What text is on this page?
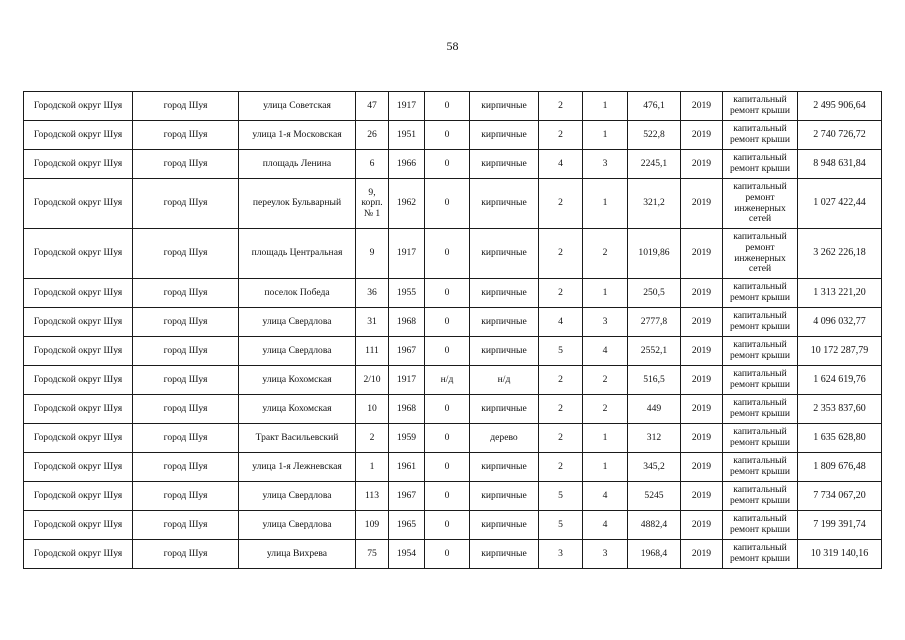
58
Городской округ Шуя	город Шуя	улица Советская	47	1917	0	кирпичные	2	1	476,1	2019	капитальный ремонт крыши	2 495 906,64
Городской округ Шуя	город Шуя	улица 1-я Московская	26	1951	0	кирпичные	2	1	522,8	2019	капитальный ремонт крыши	2 740 726,72
Городской округ Шуя	город Шуя	площадь Ленина	6	1966	0	кирпичные	4	3	2245,1	2019	капитальный ремонт крыши	8 948 631,84
Городской округ Шуя	город Шуя	переулок Бульварный	9, корп. № 1	1962	0	кирпичные	2	1	321,2	2019	капитальный ремонт инженерных сетей	1 027 422,44
Городской округ Шуя	город Шуя	площадь Центральная	9	1917	0	кирпичные	2	2	1019,86	2019	капитальный ремонт инженерных сетей	3 262 226,18
Городской округ Шуя	город Шуя	поселок Победа	36	1955	0	кирпичные	2	1	250,5	2019	капитальный ремонт крыши	1 313 221,20
Городской округ Шуя	город Шуя	улица Свердлова	31	1968	0	кирпичные	4	3	2777,8	2019	капитальный ремонт крыши	4 096 032,77
Городской округ Шуя	город Шуя	улица Свердлова	111	1967	0	кирпичные	5	4	2552,1	2019	капитальный ремонт крыши	10 172 287,79
Городской округ Шуя	город Шуя	улица Кохомская	2/10	1917	н/д	н/д	2	2	516,5	2019	капитальный ремонт крыши	1 624 619,76
Городской округ Шуя	город Шуя	улица Кохомская	10	1968	0	кирпичные	2	2	449	2019	капитальный ремонт крыши	2 353 837,60
Городской округ Шуя	город Шуя	Тракт Васильевский	2	1959	0	дерево	2	1	312	2019	капитальный ремонт крыши	1 635 628,80
Городской округ Шуя	город Шуя	улица 1-я Лежневская	1	1961	0	кирпичные	2	1	345,2	2019	капитальный ремонт крыши	1 809 676,48
Городской округ Шуя	город Шуя	улица Свердлова	113	1967	0	кирпичные	5	4	5245	2019	капитальный ремонт крыши	7 734 067,20
Городской округ Шуя	город Шуя	улица Свердлова	109	1965	0	кирпичные	5	4	4882,4	2019	капитальный ремонт крыши	7 199 391,74
Городской округ Шуя	город Шуя	улица Вихрева	75	1954	0	кирпичные	3	3	1968,4	2019	капитальный ремонт крыши	10 319 140,16
